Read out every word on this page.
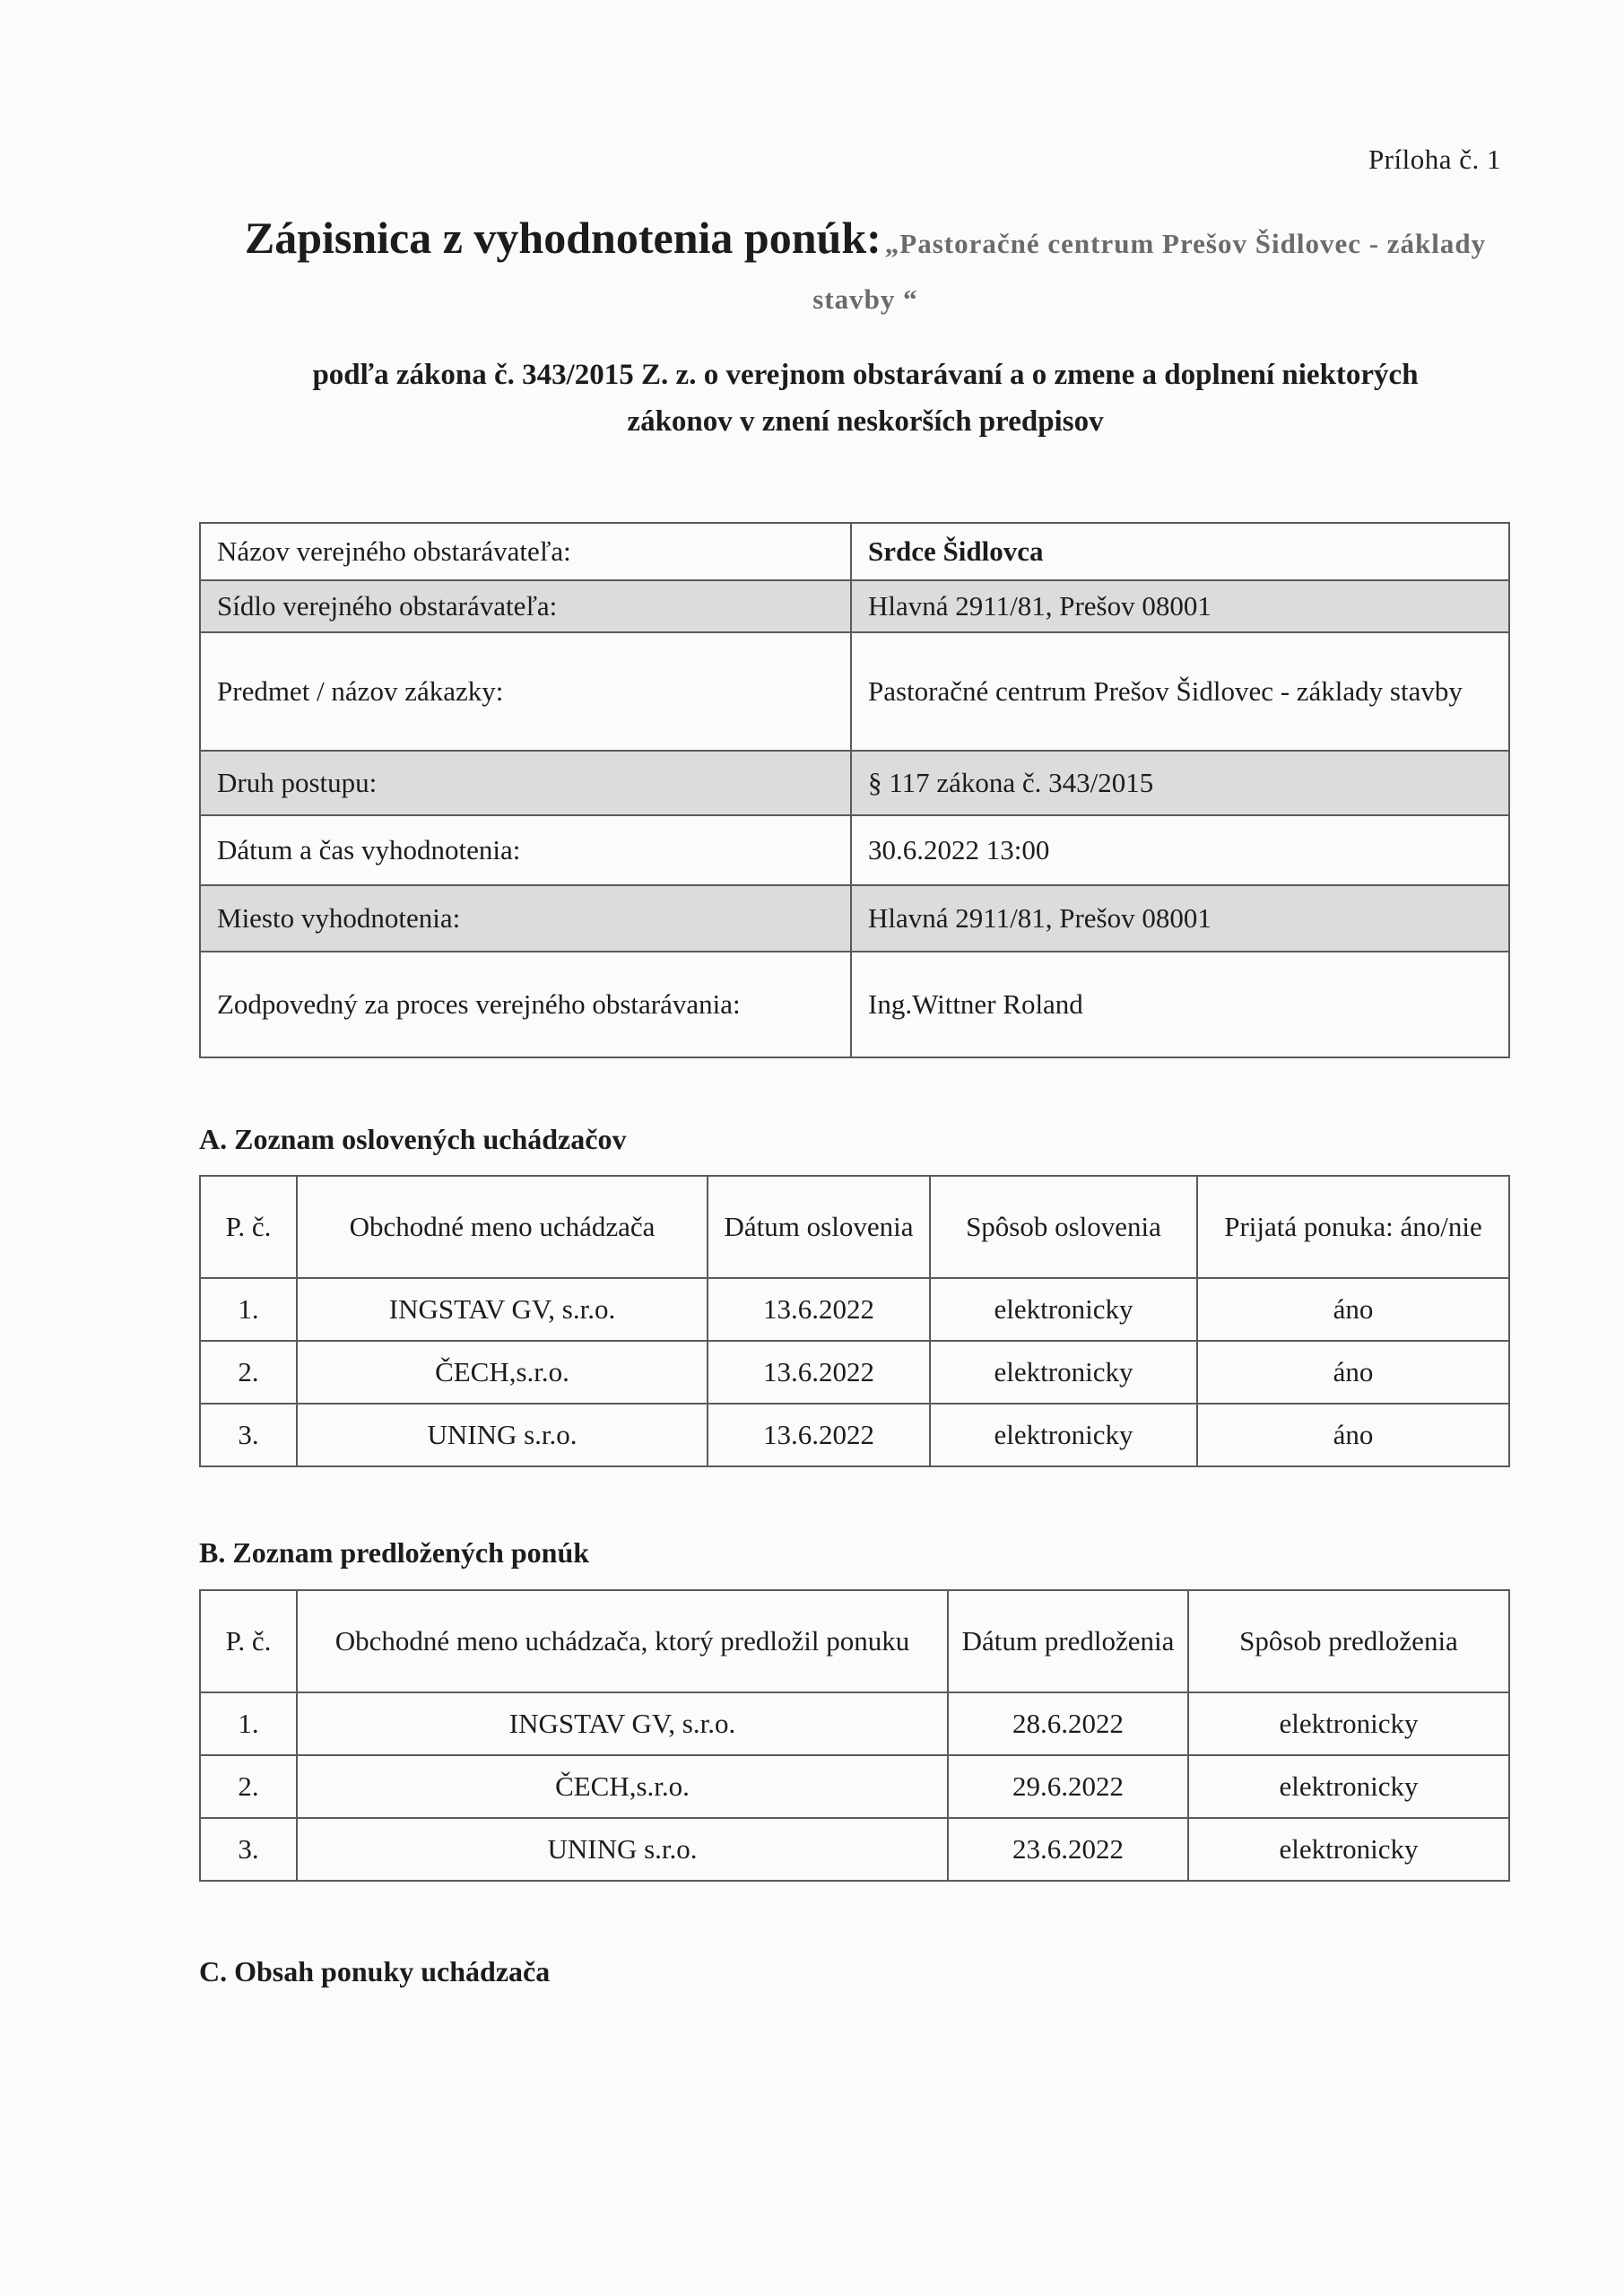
Príloha č. 1
Zápisnica z vyhodnotenia ponúk: „Pastoračné centrum Prešov Šidlovec - základy
stavby “
podľa zákona č. 343/2015 Z. z. o verejnom obstarávaní a o zmene a doplnení niektorých
zákonov v znení neskorších predpisov
Názov verejného obstarávateľa:	Srdce Šidlovca
Sídlo verejného obstarávateľa:	Hlavná 2911/81, Prešov 08001
Predmet / názov zákazky:	Pastoračné centrum Prešov Šidlovec - základy stavby
Druh postupu:	§ 117 zákona č. 343/2015
Dátum a čas vyhodnotenia:	30.6.2022 13:00
Miesto vyhodnotenia:	Hlavná 2911/81, Prešov 08001
Zodpovedný za proces verejného obstarávania:	Ing.Wittner Roland
A. Zoznam oslovených uchádzačov
P. č.	Obchodné meno uchádzača	Dátum oslovenia	Spôsob oslovenia	Prijatá ponuka: áno/nie
1.	INGSTAV GV, s.r.o.	13.6.2022	elektronicky	áno
2.	ČECH,s.r.o.	13.6.2022	elektronicky	áno
3.	UNING s.r.o.	13.6.2022	elektronicky	áno
B. Zoznam predložených ponúk
P. č.	Obchodné meno uchádzača, ktorý predložil ponuku	Dátum predloženia	Spôsob predloženia
1.	INGSTAV GV, s.r.o.	28.6.2022	elektronicky
2.	ČECH,s.r.o.	29.6.2022	elektronicky
3.	UNING s.r.o.	23.6.2022	elektronicky
C. Obsah ponuky uchádzača
